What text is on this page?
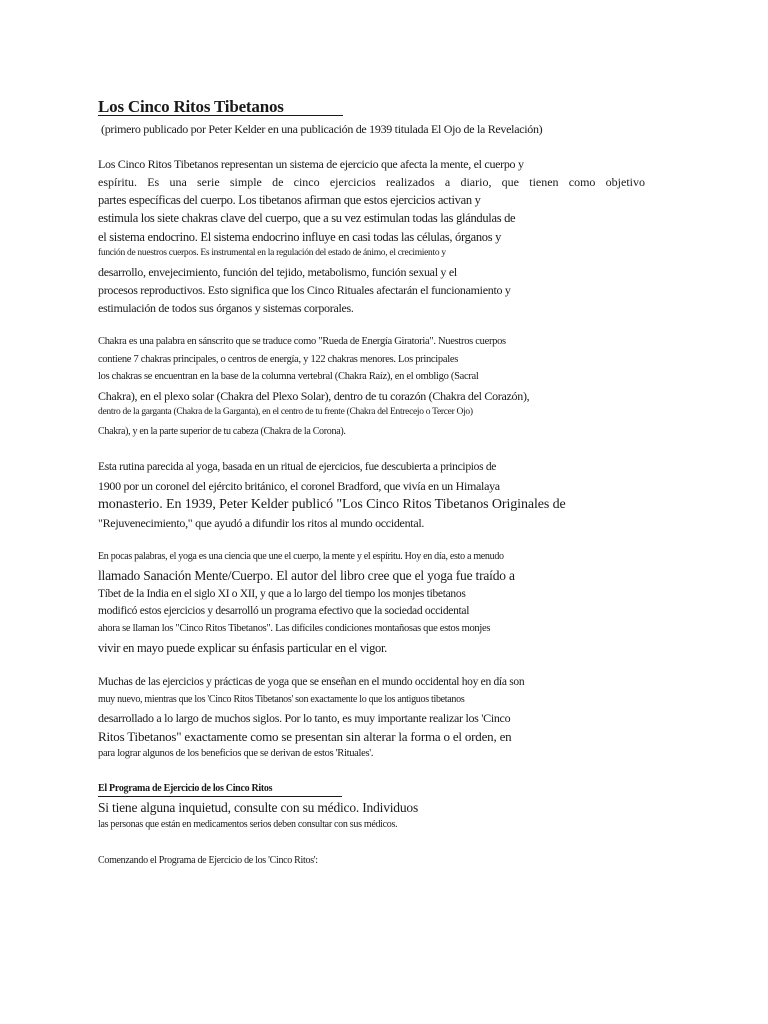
Los Cinco Ritos Tibetanos
(primero publicado por Peter Kelder en una publicación de 1939 titulada El Ojo de la Revelación)
Los Cinco Ritos Tibetanos representan un sistema de ejercicio que afecta la mente, el cuerpo y
espíritu. Es una serie simple de cinco ejercicios realizados a diario, que tienen como objetivo
partes específicas del cuerpo. Los tibetanos afirman que estos ejercicios activan y
estimula los siete chakras clave del cuerpo, que a su vez estimulan todas las glándulas de
el sistema endocrino. El sistema endocrino influye en casi todas las células, órganos y
función de nuestros cuerpos. Es instrumental en la regulación del estado de ánimo, el crecimiento y
desarrollo, envejecimiento, función del tejido, metabolismo, función sexual y el
procesos reproductivos. Esto significa que los Cinco Rituales afectarán el funcionamiento y
estimulación de todos sus órganos y sistemas corporales.
Chakra es una palabra en sánscrito que se traduce como "Rueda de Energía Giratoria". Nuestros cuerpos
contiene 7 chakras principales, o centros de energía, y 122 chakras menores. Los principales
los chakras se encuentran en la base de la columna vertebral (Chakra Raíz), en el ombligo (Sacral
Chakra), en el plexo solar (Chakra del Plexo Solar), dentro de tu corazón (Chakra del Corazón),
dentro de la garganta (Chakra de la Garganta), en el centro de tu frente (Chakra del Entrecejo o Tercer Ojo)
Chakra), y en la parte superior de tu cabeza (Chakra de la Corona).
Esta rutina parecida al yoga, basada en un ritual de ejercicios, fue descubierta a principios de
1900 por un coronel del ejército británico, el coronel Bradford, que vivía en un Himalaya
monasterio. En 1939, Peter Kelder publicó "Los Cinco Ritos Tibetanos Originales de
"Rejuvenecimiento," que ayudó a difundir los ritos al mundo occidental.
En pocas palabras, el yoga es una ciencia que une el cuerpo, la mente y el espíritu. Hoy en día, esto a menudo
llamado Sanación Mente/Cuerpo. El autor del libro cree que el yoga fue traído a
Tíbet de la India en el siglo XI o XII, y que a lo largo del tiempo los monjes tibetanos
modificó estos ejercicios y desarrolló un programa efectivo que la sociedad occidental
ahora se llaman los "Cinco Ritos Tibetanos". Las difíciles condiciones montañosas que estos monjes
vivir en mayo puede explicar su énfasis particular en el vigor.
Muchas de las ejercicios y prácticas de yoga que se enseñan en el mundo occidental hoy en día son
muy nuevo, mientras que los 'Cinco Ritos Tibetanos' son exactamente lo que los antiguos tibetanos
desarrollado a lo largo de muchos siglos. Por lo tanto, es muy importante realizar los 'Cinco
Ritos Tibetanos" exactamente como se presentan sin alterar la forma o el orden, en
para lograr algunos de los beneficios que se derivan de estos 'Rituales'.
El Programa de Ejercicio de los Cinco Ritos
Si tiene alguna inquietud, consulte con su médico. Individuos
las personas que están en medicamentos serios deben consultar con sus médicos.
Comenzando el Programa de Ejercicio de los 'Cinco Ritos':
